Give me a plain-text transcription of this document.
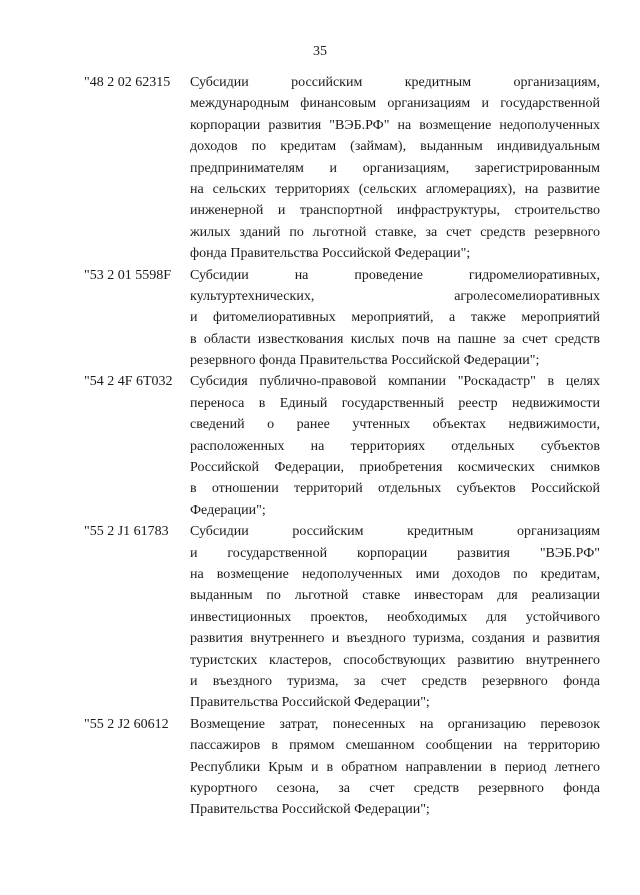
35
"48 2 02 62315	Субсидии российским кредитным организациям,
международным финансовым организациям и государственной
корпорации развития "ВЭБ.РФ" на возмещение недополученных
доходов по кредитам (займам), выданным индивидуальным
предпринимателям и организациям, зарегистрированным
на сельских территориях (сельских агломерациях), на развитие
инженерной и транспортной инфраструктуры, строительство
жилых зданий по льготной ставке, за счет средств резервного
фонда Правительства Российской Федерации";
"53 2 01 5598F	Субсидии на проведение гидромелиоративных,
культуртехнических, агролесомелиоративных
и фитомелиоративных мероприятий, а также мероприятий
в области известкования кислых почв на пашне за счет средств
резервного фонда Правительства Российской Федерации";
"54 2 4F 6Т032	Субсидия публично-правовой компании "Роскадастр" в целях
переноса в Единый государственный реестр недвижимости
сведений о ранее учтенных объектах недвижимости,
расположенных на территориях отдельных субъектов
Российской Федерации, приобретения космических снимков
в отношении территорий отдельных субъектов Российской
Федерации";
"55 2 J1 61783	Субсидии российским кредитным организациям
и государственной корпорации развития "ВЭБ.РФ"
на возмещение недополученных ими доходов по кредитам,
выданным по льготной ставке инвесторам для реализации
инвестиционных проектов, необходимых для устойчивого
развития внутреннего и въездного туризма, создания и развития
туристских кластеров, способствующих развитию внутреннего
и въездного туризма, за счет средств резервного фонда
Правительства Российской Федерации";
"55 2 J2 60612	Возмещение затрат, понесенных на организацию перевозок
пассажиров в прямом смешанном сообщении на территорию
Республики Крым и в обратном направлении в период летнего
курортного сезона, за счет средств резервного фонда
Правительства Российской Федерации";
